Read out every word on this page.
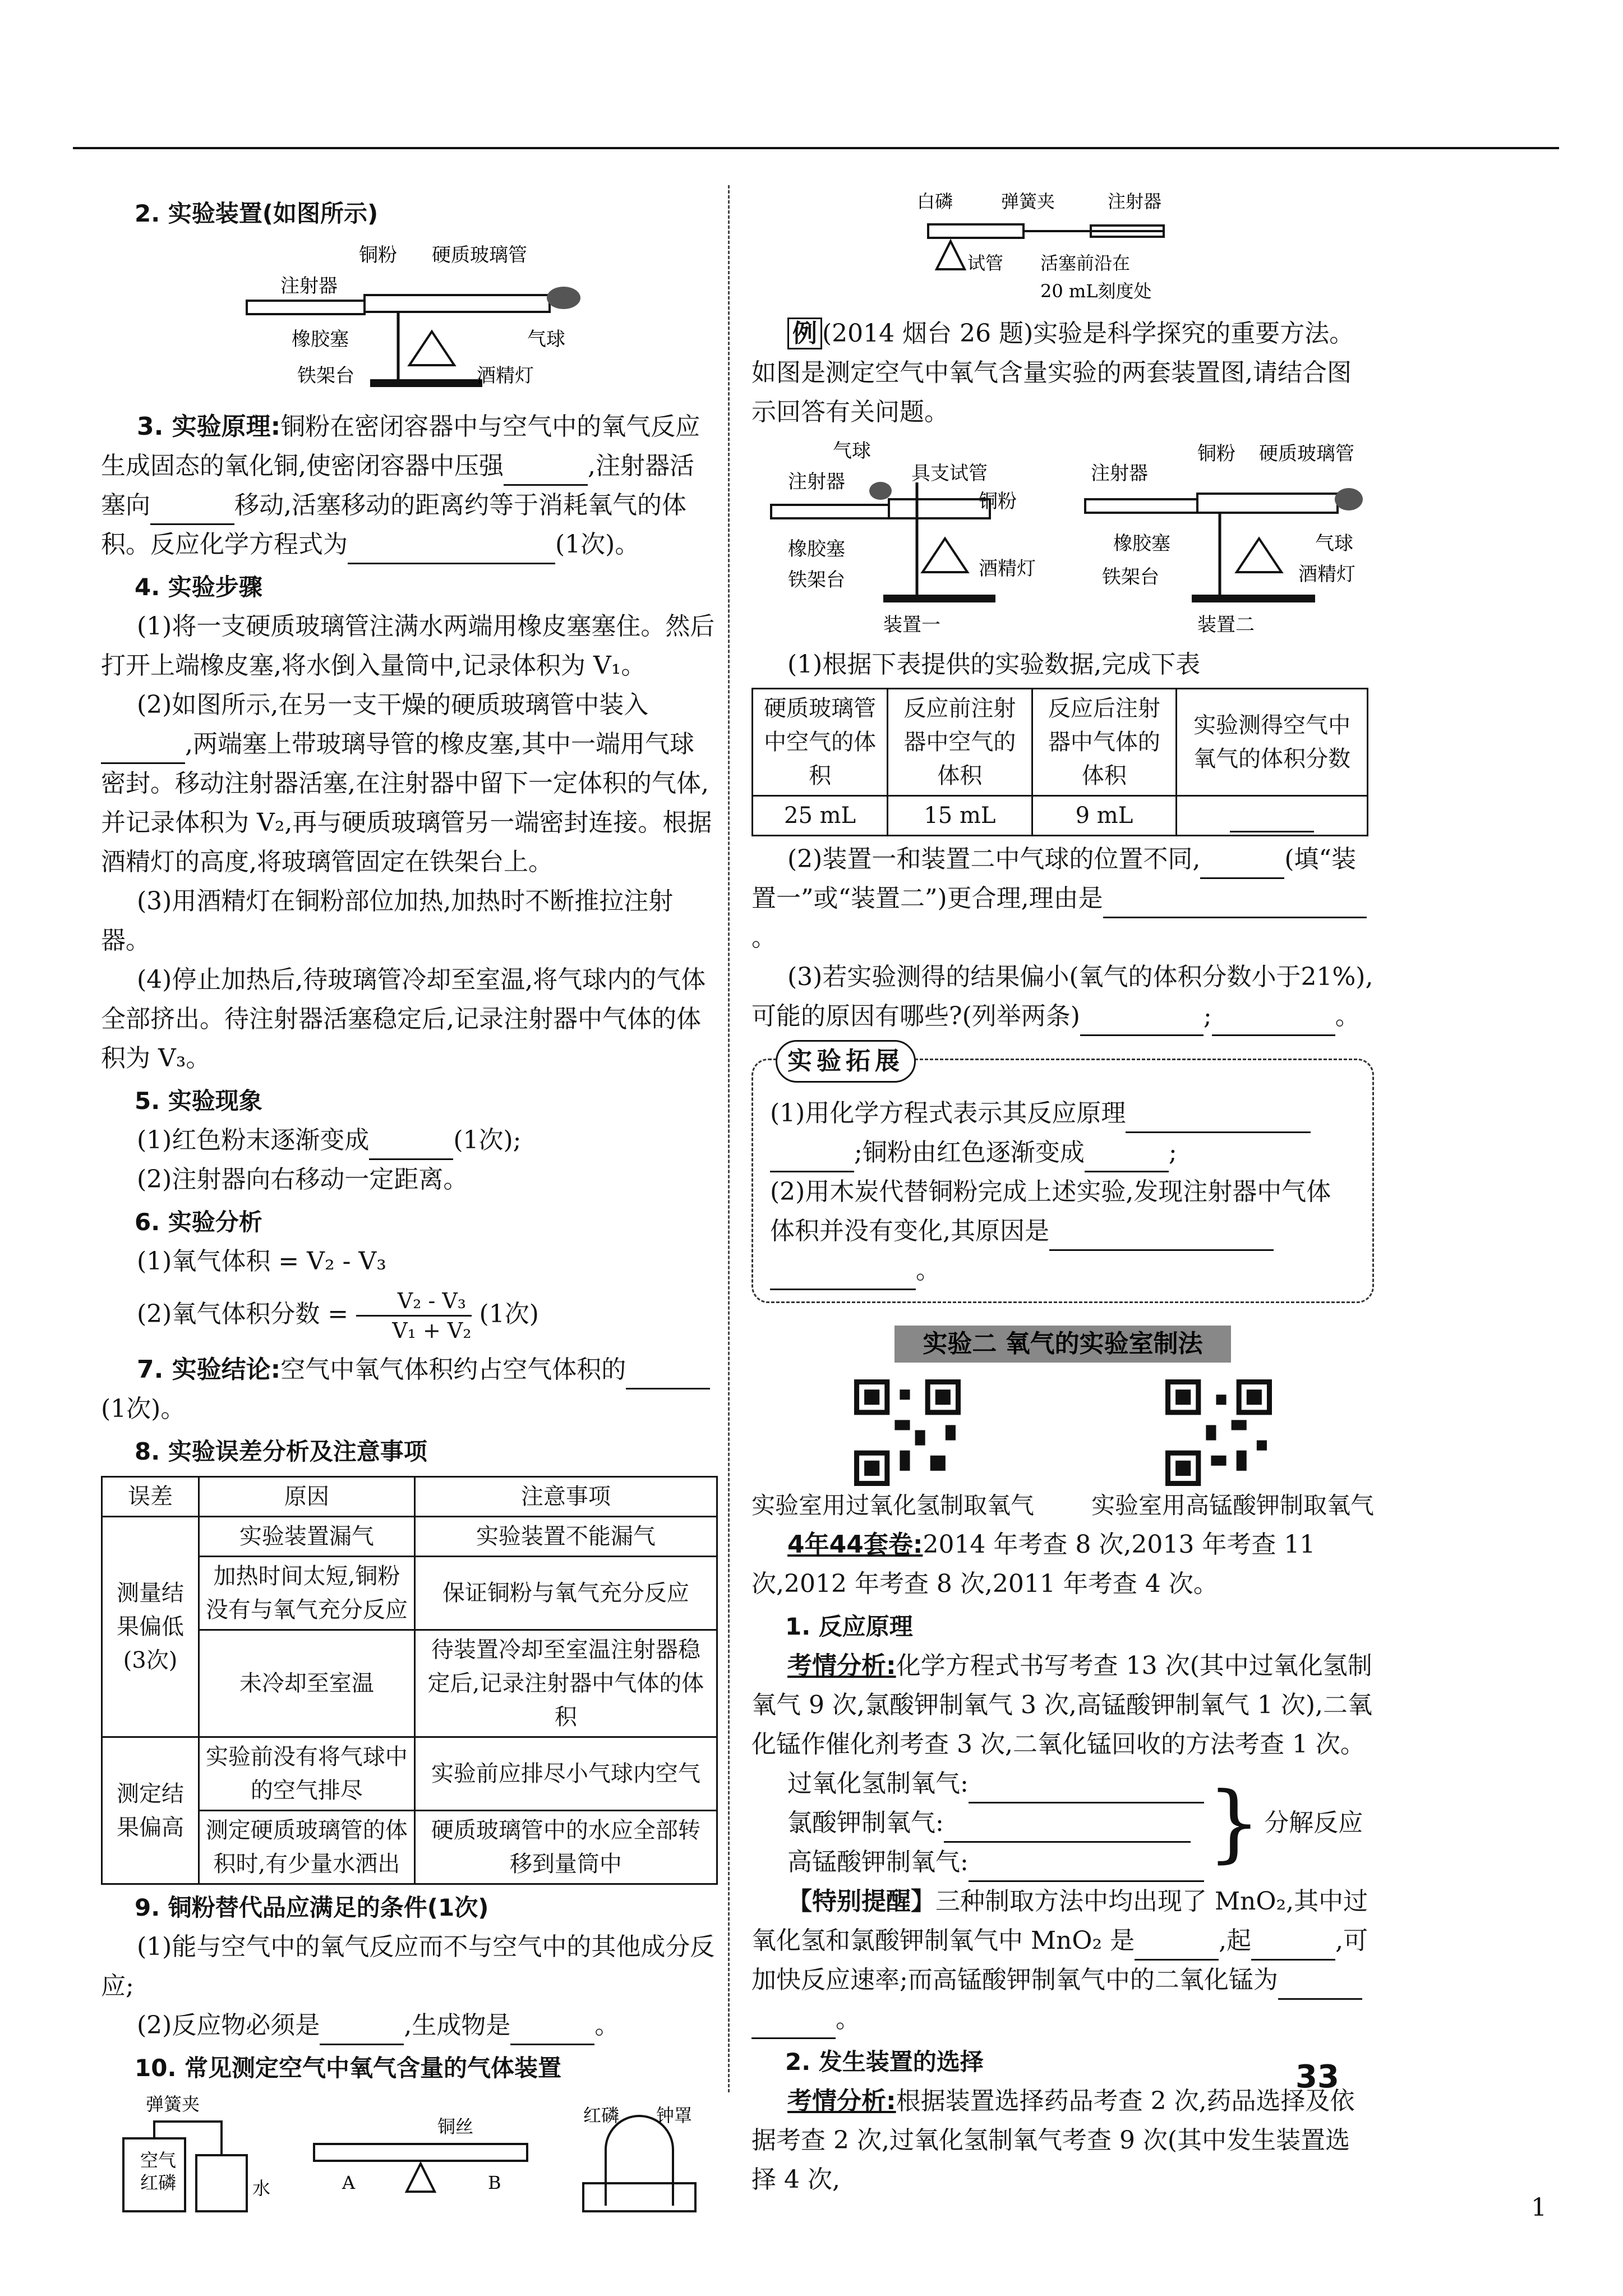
2. 实验装置(如图所示)

铜粉 硬质玻璃管
注射器
橡胶塞	气球
铁架台	酒精灯

3. 实验原理:铜粉在密闭容器中与空气中的氧气反应生成固态的氧化铜,使密闭容器中压强	,注射器活塞向	移动,活塞移动的距离约等于消耗氧气的体积。反应化学方程式为	(1次)。

4. 实验步骤

(1)将一支硬质玻璃管注满水两端用橡皮塞塞住。然后打开上端橡皮塞,将水倒入量筒中,记录体积为 V₁。

(2)如图所示,在另一支干燥的硬质玻璃管中装入,两端塞上带玻璃导管的橡皮塞,其中一端用气球密封。移动注射器活塞,在注射器中留下一定体积的气体,并记录体积为 V₂,再与硬质玻璃管另一端密封连接。根据酒精灯的高度,将玻璃管固定在铁架台上。

(3)用酒精灯在铜粉部位加热,加热时不断推拉注射器。

(4)停止加热后,待玻璃管冷却至室温,将气球内的气体全部挤出。待注射器活塞稳定后,记录注射器中气体的体积为 V₃。

5. 实验现象

(1)红色粉末逐渐变成	(1次);

(2)注射器向右移动一定距离。

6. 实验分析

(1)氧气体积 = V₂ - V₃

(2)氧气体积分数 = $\frac{\text{V₂ - V₃}}{\text{V₁ + V₂}} (1$次)

7. 实验结论:空气中氧气体积约占空气体积的(1次)。

8. 实验误差分析及注意事项

误差	原因	注意事项
测量结果偏低(3次)	实验装置漏气	实验装置不能漏气
	加热时间太短,铜粉没有与氧气充分反应	保证铜粉与氧气充分反应
	未冷却至室温	待装置冷却至室温注射器稳定后,记录注射器中气体的体积
测定结果偏高	实验前没有将气球中的空气排尽	实验前应排尽小气球内空气
	测定硬质玻璃管的体积时,有少量水洒出	硬质玻璃管中的水应全部转移到量筒中

9. 铜粉替代品应满足的条件(1次)

(1)能与空气中的氧气反应而不与空气中的其他成分反应;

(2)反应物必须是	,生成物是	。

10. 常见测定空气中氧气含量的气体装置

弹簧夹
空气
红磷	水
铜丝
A	B
红磷 钟罩
白磷	弹簧夹	注射器
试管 活塞前沿在
20 mL刻度处

例 (2014 烟台 26 题)实验是科学探究的重要方法。如图是测定空气中氧气含量实验的两套装置图,请结合图示回答有关问题。

气球
注射器	具支试管
铜粉
橡胶塞
铁架台	酒精灯
装置一
注射器
铜粉 硬质玻璃管
橡胶塞	气球
铁架台	酒精灯
装置二

(1)根据下表提供的实验数据,完成下表

硬质玻璃管中空气的体积	反应前注射器中空气的体积	反应后注射器中气体的体积	实验测得空气中氧气的体积分数
25 mL	15 mL	9 mL	

(2)装置一和装置二中气球的位置不同,	(填“装置一”或“装置二”)更合理,理由是。

(3)若实验测得的结果偏小(氧气的体积分数小于21%),可能的原因有哪些?(列举两条)	;	。

实验拓展

(1)用化学方程式表示其反应原理;铜粉由红色逐渐变成	;

(2)用木炭代替铜粉完成上述实验,发现注射器中气体体积并没有变化,其原因是。

实验二 氧气的实验室制法
实验室用过氧化氢制取氧气 实验室用高锰酸钾制取氧气

4年44套卷:2014 年考查 8 次,2013 年考查 11 次,2012 年考查 8 次,2011 年考查 4 次。

1. 反应原理

考情分析:化学方程式书写考查 13 次(其中过氧化氢制氧气 9 次,氯酸钾制氧气 3 次,高锰酸钾制氧气 1 次),二氧化锰作催化剂考查 3 次,二氧化锰回收的方法考查 1 次。

过氧化氢制氧气:

氯酸钾制氧气:

高锰酸钾制氧气:	} 分解反应

【特别提醒】三种制取方法中均出现了 MnO₂,其中过氧化氢和氯酸钾制氧气中 MnO₂ 是	,起	,可加快反应速率;而高锰酸钾制氧气中的二氧化锰为。

2. 发生装置的选择

考情分析:根据装置选择药品考查 2 次,药品选择及依据考查 2 次,过氧化氢制氧气考查 9 次(其中发生装置选择 4 次,

33
1
